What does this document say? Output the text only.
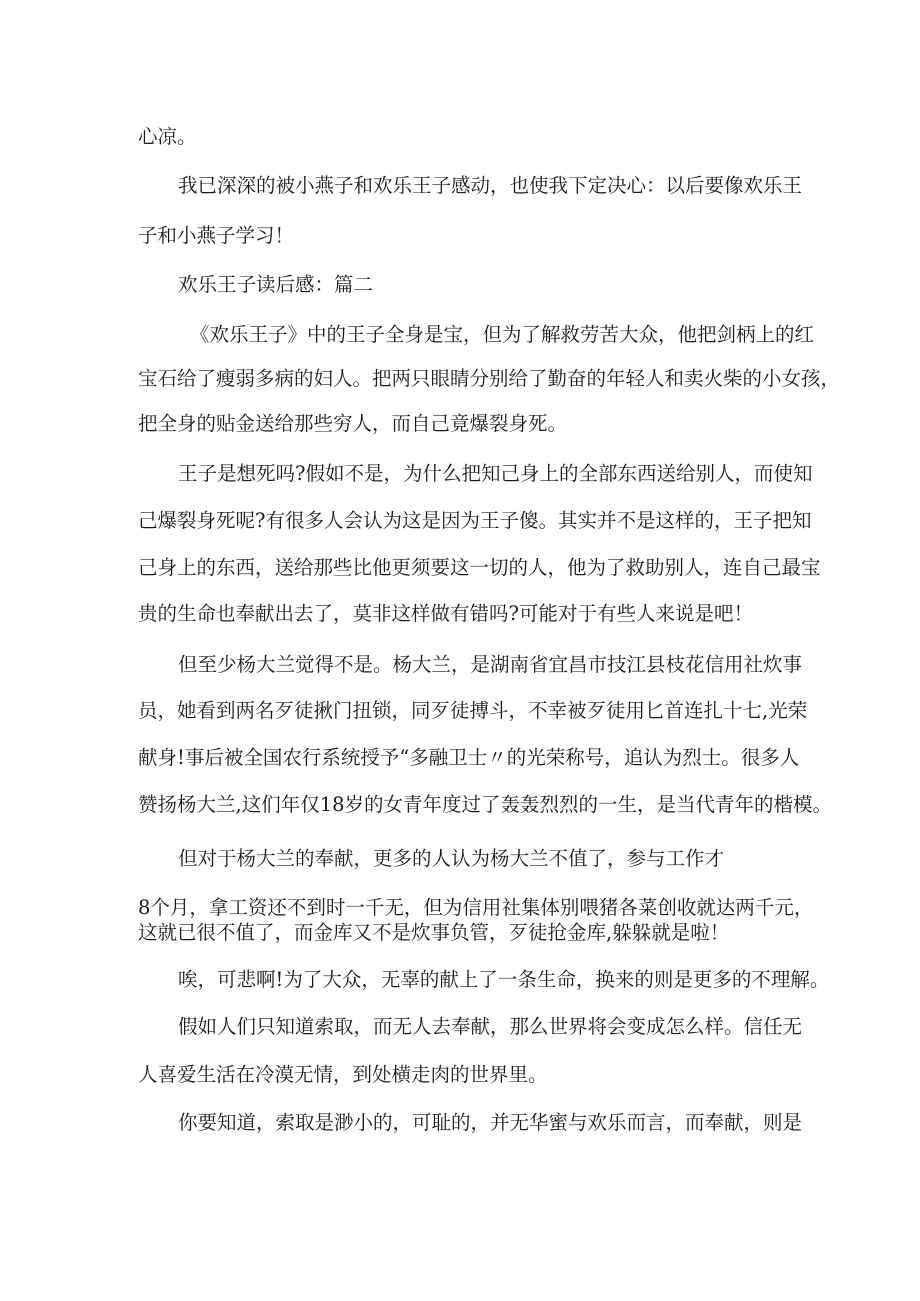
心凉。

我已深深的被小燕子和欢乐王子感动，也使我下定决心：以后要像欢乐王

子和小燕子学习！

欢乐王子读后感：篇二

《欢乐王子》中的王子全身是宝，但为了解救劳苦大众，他把剑柄上的红

宝石给了瘦弱多病的妇人。把两只眼睛分别给了勤奋的年轻人和卖火柴的小女孩，

把全身的贴金送给那些穷人，而自己竟爆裂身死。

王子是想死吗?假如不是，为什么把知己身上的全部东西送给别人，而使知

己爆裂身死呢?有很多人会认为这是因为王子傻。其实并不是这样的，王子把知

己身上的东西，送给那些比他更须要这一切的人，他为了救助别人，连自己最宝

贵的生命也奉献出去了，莫非这样做有错吗?可能对于有些人来说是吧！

但至少杨大兰觉得不是。杨大兰，是湖南省宜昌市技江县枝花信用社炊事

员，她看到两名歹徒揪门扭锁，同歹徒搏斗，不幸被歹徒用匕首连扎十七,光荣

献身!事后被全国农行系统授予“多融卫士〃的光荣称号，追认为烈士。很多人

赞扬杨大兰,这们年仅18岁的女青年度过了轰轰烈烈的一生，是当代青年的楷模。

但对于杨大兰的奉献，更多的人认为杨大兰不值了，参与工作才

8个月，拿工资还不到时一千无，但为信用社集体别喂猪各菜创收就达两千元，

这就已很不值了，而金库又不是炊事负管，歹徒抢金库,躲躲就是啦！

唉，可悲啊!为了大众，无辜的献上了一条生命，换来的则是更多的不理解。

假如人们只知道索取，而无人去奉献，那么世界将会变成怎么样。信任无

人喜爱生活在冷漠无情，到处横走肉的世界里。

你要知道，索取是渺小的，可耻的，并无华蜜与欢乐而言，而奉献，则是
